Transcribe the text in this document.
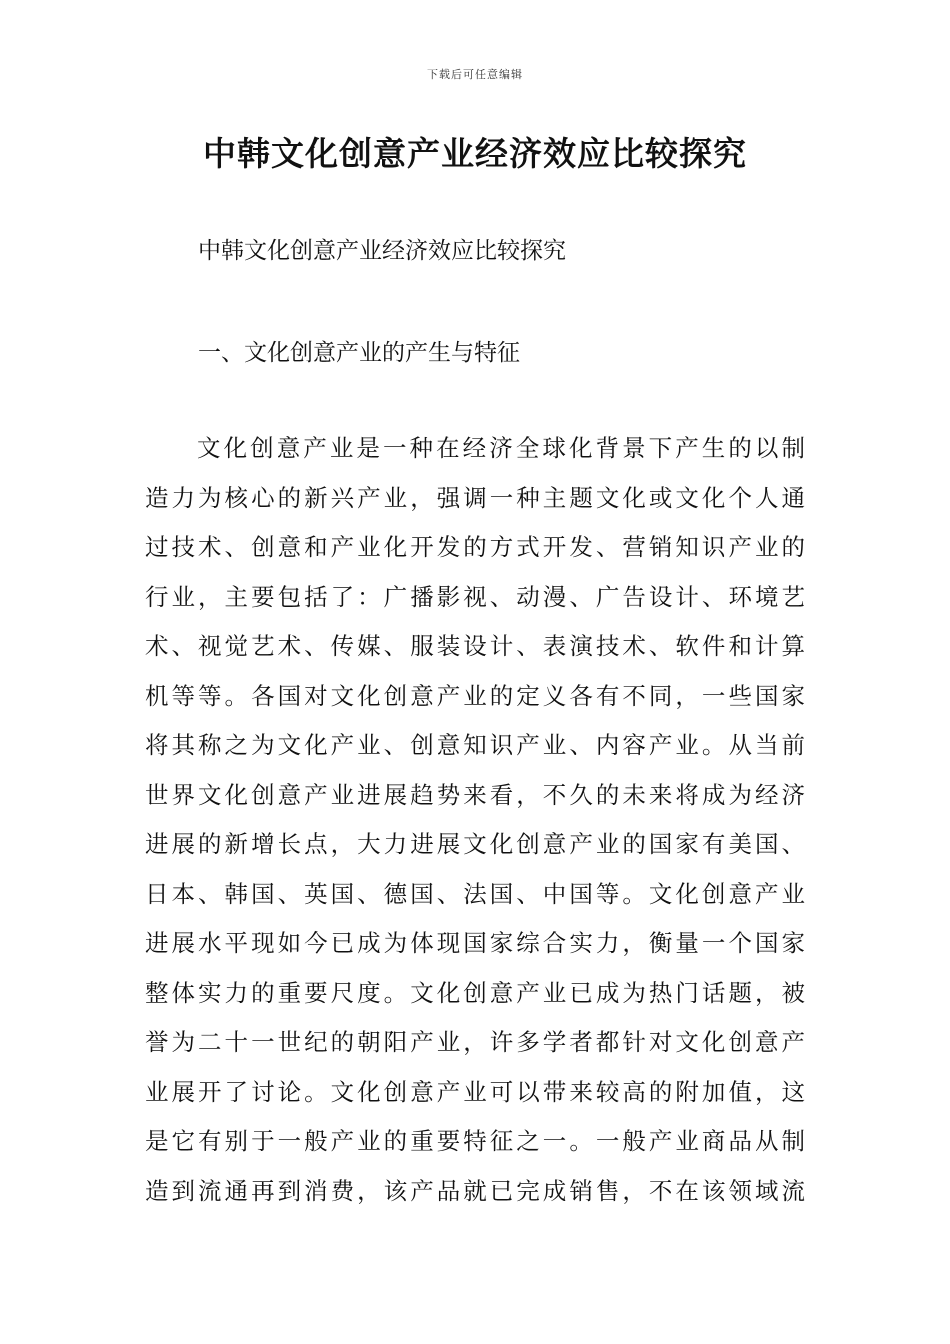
下载后可任意编辑
中韩文化创意产业经济效应比较探究
中韩文化创意产业经济效应比较探究
一、文化创意产业的产生与特征
文化创意产业是一种在经济全球化背景下产生的以制
造力为核心的新兴产业，强调一种主题文化或文化个人通
过技术、创意和产业化开发的方式开发、营销知识产业的
行业，主要包括了：广播影视、动漫、广告设计、环境艺
术、视觉艺术、传媒、服装设计、表演技术、软件和计算
机等等。各国对文化创意产业的定义各有不同，一些国家
将其称之为文化产业、创意知识产业、内容产业。从当前
世界文化创意产业进展趋势来看，不久的未来将成为经济
进展的新增长点，大力进展文化创意产业的国家有美国、
日本、韩国、英国、德国、法国、中国等。文化创意产业
进展水平现如今已成为体现国家综合实力，衡量一个国家
整体实力的重要尺度。文化创意产业已成为热门话题，被
誉为二十一世纪的朝阳产业，许多学者都针对文化创意产
业展开了讨论。文化创意产业可以带来较高的附加值，这
是它有别于一般产业的重要特征之一。一般产业商品从制
造到流通再到消费，该产品就已完成销售，不在该领域流
